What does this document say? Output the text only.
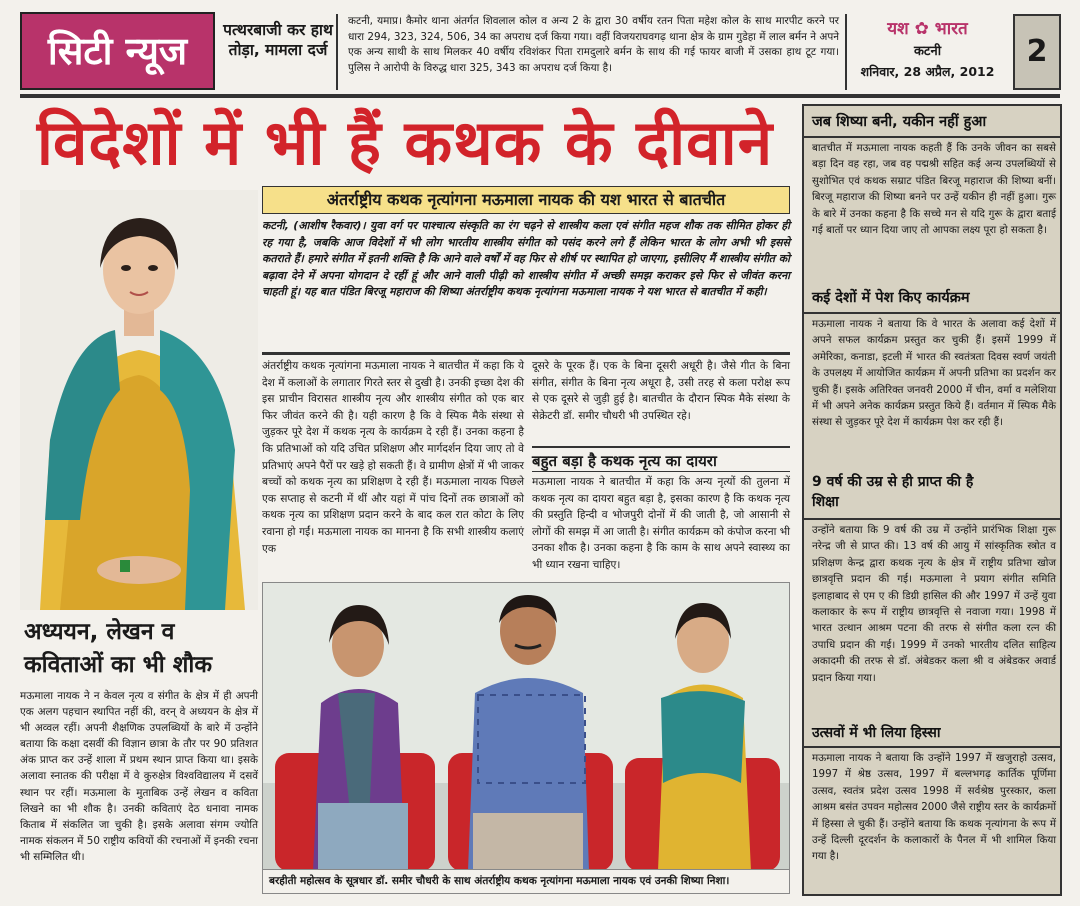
सिटी न्यूज	पत्थरबाजी कर हाथ तोड़ा, मामला दर्ज
कटनी, यमाप्र। कैमोर थाना अंतर्गत शिवलाल कोल व अन्य 2 के द्वारा 30 वर्षीय रतन पिता महेश कोल के साथ मारपीट करने पर धारा 294, 323, 324, 506, 34 का अपराध दर्ज किया गया। वहीं विजयराघवगढ़ थाना क्षेत्र के ग्राम गुडेहा में लाल बर्मन ने अपने एक अन्य साथी के साथ मिलकर 40 वर्षीय रविशंकर पिता रामदुलारे बर्मन के साथ की गई फायर बाजी में उसका हाथ टूट गया। पुलिस ने आरोपी के विरुद्ध धारा 325, 343 का अपराध दर्ज किया है।
यश ✿ भारत
कटनी
शनिवार, 28 अप्रैल, 2012
2
विदेशों में भी हैं कथक के दीवाने
अंतर्राष्ट्रीय कथक नृत्यांगना मऊमाला नायक की यश भारत से बातचीत
कटनी, (आशीष रैकवार)। युवा वर्ग पर पाश्चात्य संस्कृति का रंग चढ़ने से शास्त्रीय कला एवं संगीत महज शौक तक सीमित होकर ही रह गया है, जबकि आज विदेशों में भी लोग भारतीय शास्त्रीय संगीत को पसंद करने लगे हैं लेकिन भारत के लोग अभी भी इससे कतराते हैं। हमारे संगीत में इतनी शक्ति है कि आने वाले वर्षों में वह फिर से शीर्ष पर स्थापित हो जाएगा, इसीलिए मैं शास्त्रीय संगीत को बढ़ावा देने में अपना योगदान दे रहीं हूं और आने वाली पीढ़ी को शास्त्रीय संगीत में अच्छी समझ कराकर इसे फिर से जीवंत करना चाहती हूं। यह बात पंडित बिरजू महाराज की शिष्या अंतर्राष्ट्रीय कथक नृत्यांगना मऊमाला नायक ने यश भारत से बातचीत में कही।
अंतर्राष्ट्रीय कथक नृत्यांगना मऊमाला नायक ने बातचीत में कहा कि ये देश में कलाओं के लगातार गिरते स्तर से दुखी है। उनकी इच्छा देश की इस प्राचीन विरासत शास्त्रीय नृत्य और शास्त्रीय संगीत को एक बार फिर जीवंत करने की है। यही कारण है कि वे स्पिक मैके संस्था से जुड़कर पूरे देश में कथक नृत्य के कार्यक्रम दे रही हैं। उनका कहना है कि प्रतिभाओं को यदि उचित प्रशिक्षण और मार्गदर्शन दिया जाए तो वे प्रतिभाएं अपने पैरों पर खड़े हो सकती हैं। वे ग्रामीण क्षेत्रों में भी जाकर बच्चों को कथक नृत्य का प्रशिक्षण दे रही हैं। मऊमाला नायक पिछले एक सप्ताह से कटनी में थीं और यहां में पांच दिनों तक छात्राओं को कथक नृत्य का प्रशिक्षण प्रदान करने के बाद कल रात कोटा के लिए रवाना हो गईं। मऊमाला नायक का मानना है कि सभी शास्त्रीय कलाएं एक
दूसरे के पूरक हैं। एक के बिना दूसरी अधूरी है। जैसे गीत के बिना संगीत, संगीत के बिना नृत्य अधूरा है, उसी तरह से कला परोक्ष रूप से एक दूसरे से जुड़ी हुई है। बातचीत के दौरान स्पिक मैके संस्था के सेक्रेटरी डॉ. समीर चौधरी भी उपस्थित रहे।
बहुत बड़ा है कथक नृत्य का दायरा
मऊमाला नायक ने बातचीत में कहा कि अन्य नृत्यों की तुलना में कथक नृत्य का दायरा बहुत बड़ा है, इसका कारण है कि कथक नृत्य की प्रस्तुति हिन्दी व भोजपुरी दोनों में की जाती है, जो आसानी से लोगों की समझ में आ जाती है। संगीत कार्यक्रम को कंपोज करना भी उनका शौक है। उनका कहना है कि काम के साथ अपने स्वास्थ्य का भी ध्यान रखना चाहिए।
बरहीती महोत्सव के सूत्रधार डॉ. समीर चौधरी के साथ अंतर्राष्ट्रीय कथक नृत्यांगना मऊमाला नायक एवं उनकी शिष्या निशा।
अध्ययन, लेखन व कविताओं का भी शौक
मऊमाला नायक ने न केवल नृत्य व संगीत के क्षेत्र में ही अपनी एक अलग पहचान स्थापित नहीं की, वरन् वे अध्ययन के क्षेत्र में भी अव्वल रहीं। अपनी शैक्षणिक उपलब्धियों के बारे में उन्होंने बताया कि कक्षा दसवीं की विज्ञान छात्रा के तौर पर 90 प्रतिशत अंक प्राप्त कर उन्हें शाला में प्रथम स्थान प्राप्त किया था। इसके अलावा स्नातक की परीक्षा में वे कुरुक्षेत्र विश्वविद्यालय में दसवें स्थान पर रहीं। मऊमाला के मुताबिक उन्हें लेखन व कविता लिखने का भी शौक है। उनकी कविताएं देठ धनावा नामक किताब में संकलित जा चुकी है। इसके अलावा संगम ज्योति नामक संकलन में 50 राष्ट्रीय कवियों की रचनाओं में इनकी रचना भी सम्मिलित थी।
जब शिष्या बनी, यकीन नहीं हुआ
बातचीत में मऊमाला नायक कहती हैं कि उनके जीवन का सबसे बड़ा दिन वह रहा, जब वह पद्मश्री सहित कई अन्य उपलब्धियों से सुशोभित एवं कथक सम्राट पंडित बिरजू महाराज की शिष्या बनीं। बिरजू महाराज की शिष्या बनने पर उन्हें यकीन ही नहीं हुआ। गुरू के बारे में उनका कहना है कि सच्चे मन से यदि गुरू के द्वारा बताई गई बातों पर ध्यान दिया जाए तो आपका लक्ष्य पूरा हो सकता है।
कई देशों में पेश किए कार्यक्रम
मऊमाला नायक ने बताया कि वे भारत के अलावा कई देशों में अपने सफल कार्यक्रम प्रस्तुत कर चुकी हैं। इसमें 1999 में अमेरिका, कनाडा, इटली में भारत की स्वतंत्रता दिवस स्वर्ण जयंती के उपलक्ष्य में आयोजित कार्यक्रम में अपनी प्रतिभा का प्रदर्शन कर चुकी हैं। इसके अतिरिक्त जनवरी 2000 में चीन, वर्मा व मलेशिया में भी अपने अनेक कार्यक्रम प्रस्तुत किये हैं। वर्तमान में स्पिक मैके संस्था से जुड़कर पूरे देश में कार्यक्रम पेश कर रही हैं।
9 वर्ष की उम्र से ही प्राप्त की है शिक्षा
उन्होंने बताया कि 9 वर्ष की उम्र में उन्होंने प्रारंभिक शिक्षा गुरू नरेन्द्र जी से प्राप्त की। 13 वर्ष की आयु में सांस्कृतिक स्त्रोत व प्रशिक्षण केन्द्र द्वारा कथक नृत्य के क्षेत्र में राष्ट्रीय प्रतिभा खोज छात्रवृत्ति प्रदान की गई। मऊमाला ने प्रयाग संगीत समिति इलाहाबाद से एम ए की डिग्री हासिल की और 1997 में उन्हें युवा कलाकार के रूप में राष्ट्रीय छात्रवृत्ति से नवाजा गया। 1998 में भारत उत्थान आश्रम पटना की तरफ से संगीत कला रत्न की उपाधि प्रदान की गई। 1999 में उनको भारतीय दलित साहित्य अकादमी की तरफ से डॉ. अंबेडकर कला श्री व अंबेडकर अवार्ड प्रदान किया गया।
उत्सवों में भी लिया हिस्सा
मऊमाला नायक ने बताया कि उन्होंने 1997 में खजुराहो उत्सव, 1997 में श्रेष्ठ उत्सव, 1997 में बल्लभगढ़ कार्तिक पूर्णिमा उत्सव, स्वतंत्र प्रदेश उत्सव 1998 में सर्वश्रेष्ठ पुरस्कार, कला आश्रम बसंत उपवन महोत्सव 2000 जैसे राष्ट्रीय स्तर के कार्यक्रमों में हिस्सा ले चुकी हैं। उन्होंने बताया कि कथक नृत्यांगना के रूप में उन्हें दिल्ली दूरदर्शन के कलाकारों के पैनल में भी शामिल किया गया है।
